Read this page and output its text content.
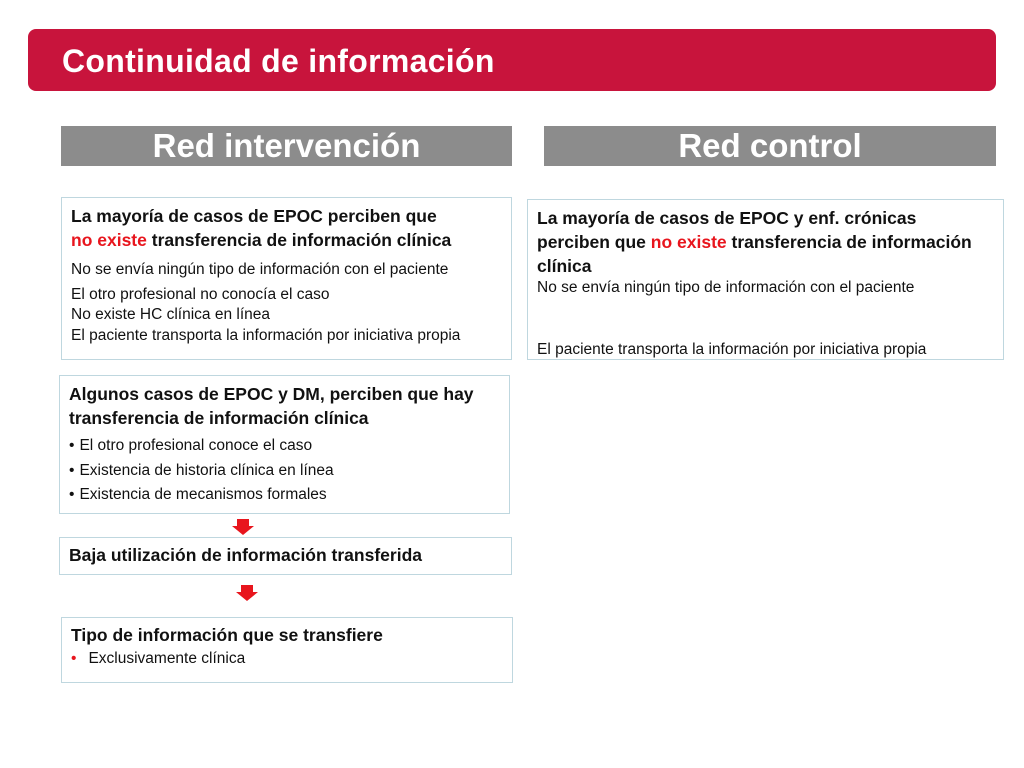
Continuidad de información
Red intervención	Red control
La mayoría de casos de EPOC perciben que
no existe transferencia de información clínica
No se envía ningún tipo de información con el paciente
El otro profesional no conocía el caso
No existe HC clínica en línea
El paciente transporta la información por iniciativa propia
Algunos casos de EPOC y DM, perciben que hay transferencia de información clínica
• El otro profesional conoce el caso
• Existencia de historia clínica en línea
• Existencia de mecanismos formales
Baja utilización de información transferida
Tipo de información que se transfiere
• Exclusivamente clínica
La mayoría de casos de EPOC y enf. crónicas perciben que no existe transferencia de información clínica
No se envía ningún tipo de información con el paciente
El paciente transporta la información por iniciativa propia
